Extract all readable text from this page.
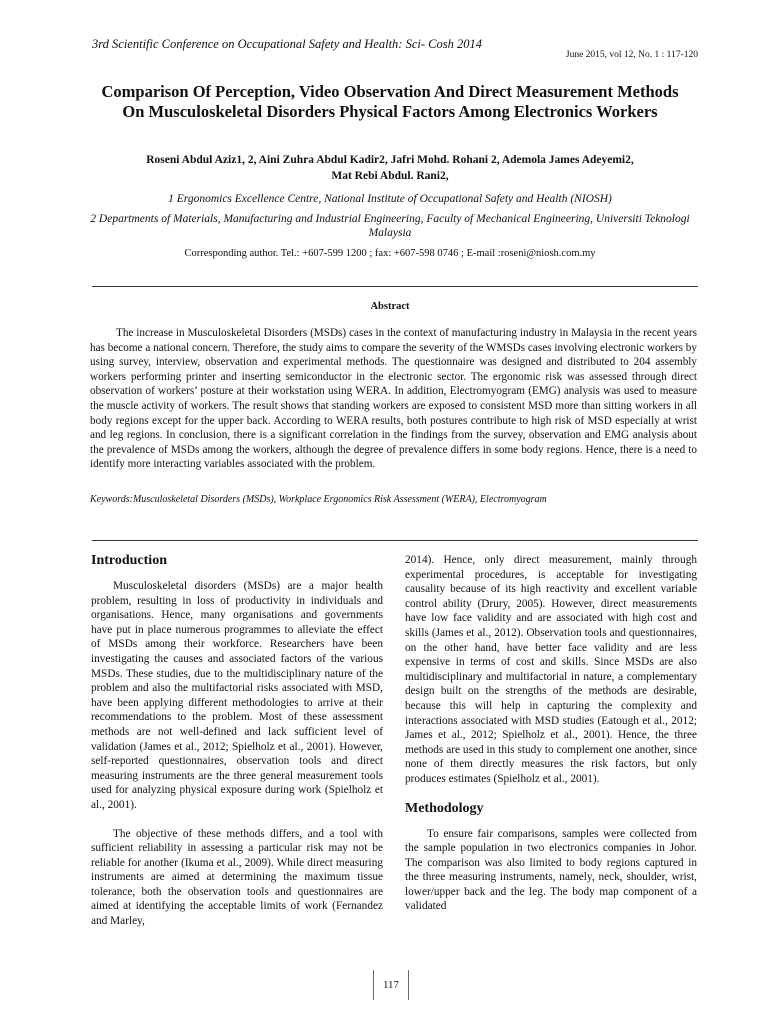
3rd Scientific Conference on Occupational Safety and Health: Sci- Cosh 2014
June 2015, vol 12, No. 1 : 117-120
Comparison Of Perception, Video Observation And Direct Measurement Methods On Musculoskeletal Disorders Physical Factors Among Electronics Workers
Roseni Abdul Aziz1, 2, Aini Zuhra Abdul Kadir2, Jafri Mohd. Rohani 2, Ademola James Adeyemi2,
Mat Rebi Abdul. Rani2,
1 Ergonomics Excellence Centre, National Institute of Occupational Safety and Health (NIOSH)
2 Departments of Materials, Manufacturing and Industrial Engineering, Faculty of Mechanical Engineering, Universiti Teknologi Malaysia
Corresponding author. Tel.: +607-599 1200 ; fax: +607-598 0746 ; E-mail :roseni@niosh.com.my
Abstract
The increase in Musculoskeletal Disorders (MSDs) cases in the context of manufacturing industry in Malaysia in the recent years has become a national concern. Therefore, the study aims to compare the severity of the WMSDs cases involving electronic workers by using survey, interview, observation and experimental methods. The questionnaire was designed and distributed to 204 assembly workers performing printer and inserting semiconductor in the electronic sector. The ergonomic risk was assessed through direct observation of workers’ posture at their workstation using WERA. In addition, Electromyogram (EMG) analysis was used to measure the muscle activity of workers. The result shows that standing workers are exposed to consistent MSD more than sitting workers in all body regions except for the upper back. According to WERA results, both postures contribute to high risk of MSD especially at wrist and leg regions. In conclusion, there is a significant correlation in the findings from the survey, observation and EMG analysis about the prevalence of MSDs among the workers, although the degree of prevalence differs in some body regions. Hence, there is a need to identify more interacting variables associated with the problem.
Keywords:Musculoskeletal Disorders (MSDs), Workplace Ergonomics Risk Assessment (WERA), Electromyogram
Introduction

Musculoskeletal disorders (MSDs) are a major health problem, resulting in loss of productivity in individuals and organisations. Hence, many organisations and governments have put in place numerous programmes to alleviate the effect of MSDs among their workforce. Researchers have been investigating the causes and associated factors of the various MSDs. These studies, due to the multidisciplinary nature of the problem and also the multifactorial risks associated with MSD, have been applying different methodologies to arrive at their recommendations to the problem. Most of these assessment methods are not well-defined and lack sufficient level of validation (James et al., 2012; Spielholz et al., 2001). However, self-reported questionnaires, observation tools and direct measuring instruments are the three general measurement tools used for analyzing physical exposure during work (Spielholz et al., 2001).

The objective of these methods differs, and a tool with sufficient reliability in assessing a particular risk may not be reliable for another (Ikuma et al., 2009). While direct measuring instruments are aimed at determining the maximum tissue tolerance, both the observation tools and questionnaires are aimed at identifying the acceptable limits of work (Fernandez and Marley,

2014). Hence, only direct measurement, mainly through experimental procedures, is acceptable for investigating causality because of its high reactivity and excellent variable control ability (Drury, 2005). However, direct measurements have low face validity and are associated with high cost and skills (James et al., 2012). Observation tools and questionnaires, on the other hand, have better face validity and are less expensive in terms of cost and skills. Since MSDs are also multidisciplinary and multifactorial in nature, a complementary design built on the strengths of the methods are desirable, because this will help in capturing the complexity and interactions associated with MSD studies (Eatough et al., 2012; James et al., 2012; Spielholz et al., 2001). Hence, the three methods are used in this study to complement one another, since none of them directly measures the risk factors, but only produces estimates (Spielholz et al., 2001).

Methodology

To ensure fair comparisons, samples were collected from the sample population in two electronics companies in Johor. The comparison was also limited to body regions captured in the three measuring instruments, namely, neck, shoulder, wrist, lower/upper back and the leg. The body map component of a validated

117
